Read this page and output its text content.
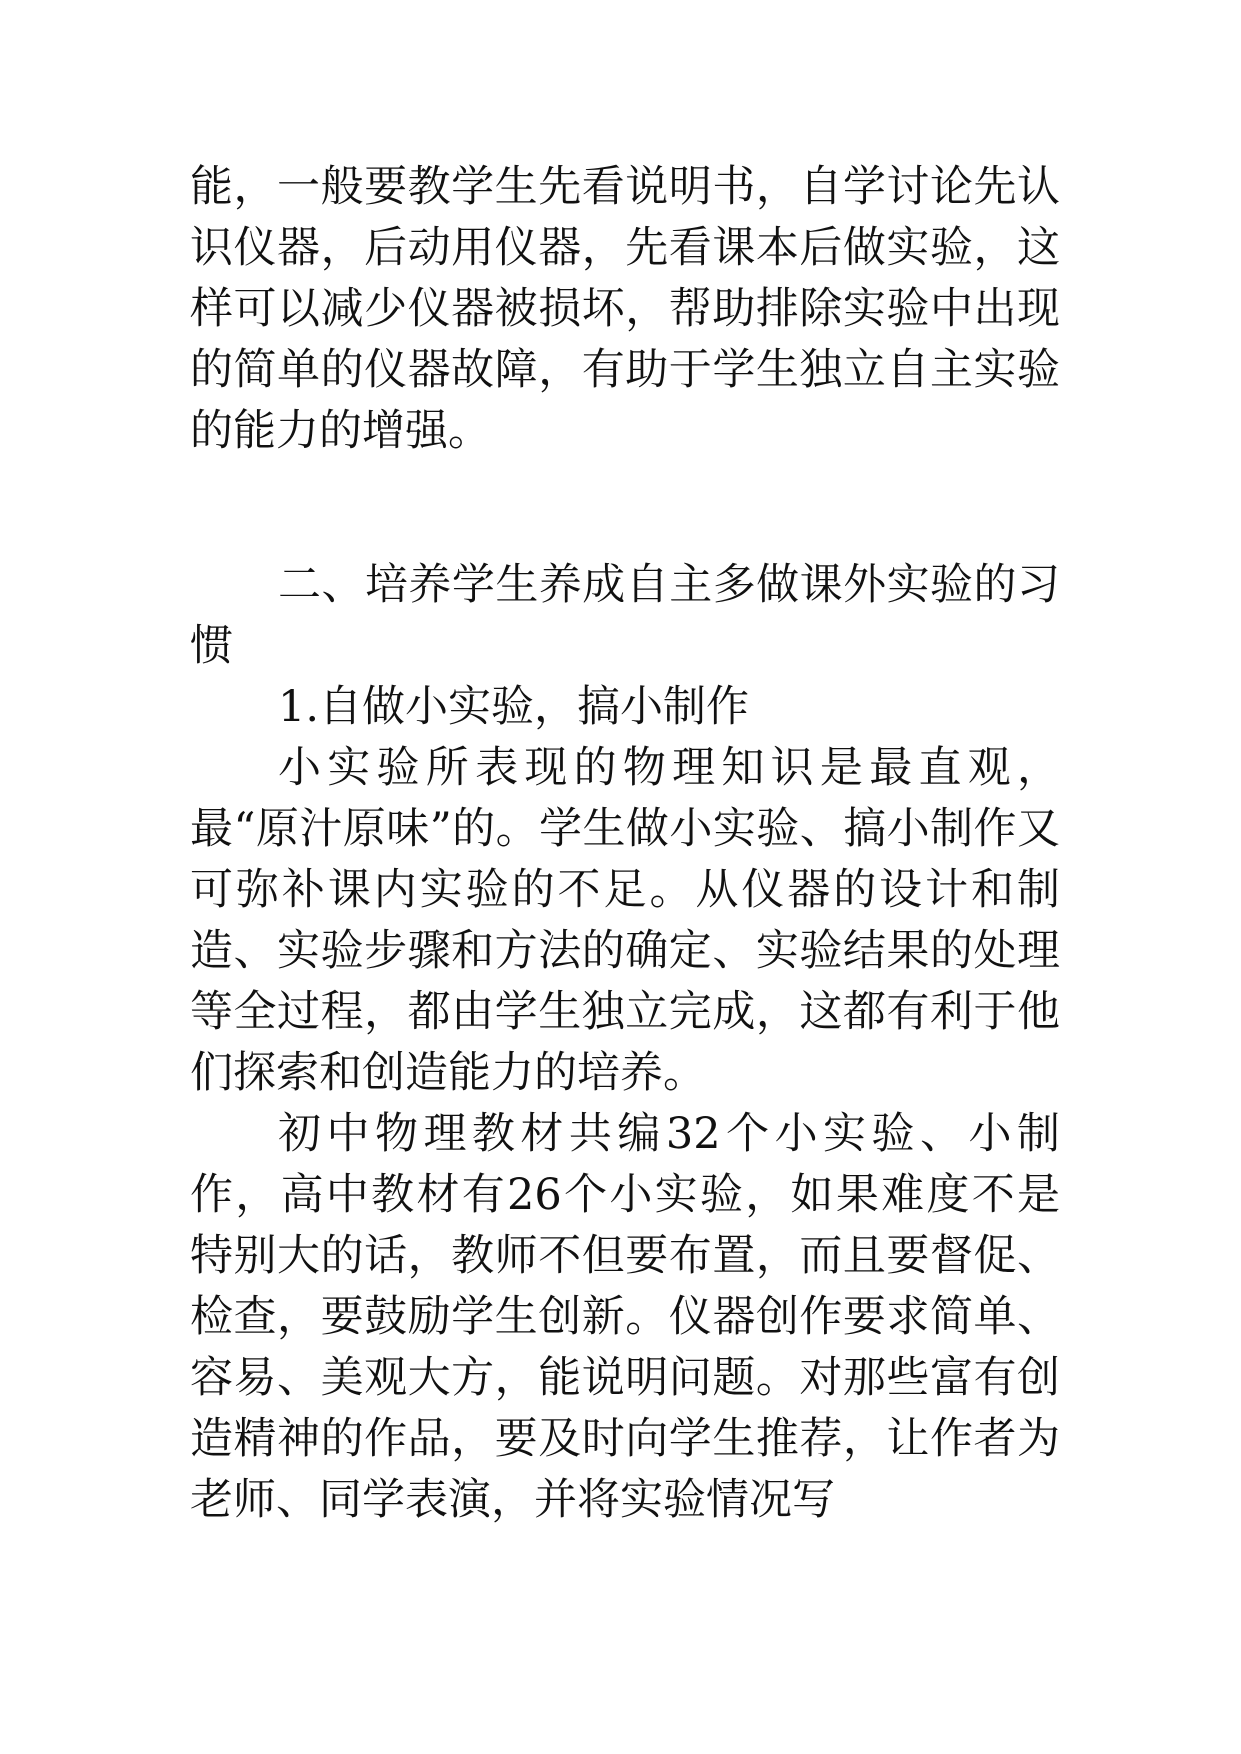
能，一般要教学生先看说明书，自学讨论先认识仪器，后动用仪器，先看课本后做实验，这样可以减少仪器被损坏，帮助排除实验中出现的简单的仪器故障，有助于学生独立自主实验的能力的增强。

二、培养学生养成自主多做课外实验的习惯

1.自做小实验，搞小制作

小实验所表现的物理知识是最直观，最“原汁原味”的。学生做小实验、搞小制作又可弥补课内实验的不足。从仪器的设计和制造、实验步骤和方法的确定、实验结果的处理等全过程，都由学生独立完成，这都有利于他们探索和创造能力的培养。

初中物理教材共编32个小实验、小制作，高中教材有26个小实验，如果难度不是特别大的话，教师不但要布置，而且要督促、检查，要鼓励学生创新。仪器创作要求简单、容易、美观大方，能说明问题。对那些富有创造精神的作品，要及时向学生推荐，让作者为老师、同学表演，并将实验情况写
